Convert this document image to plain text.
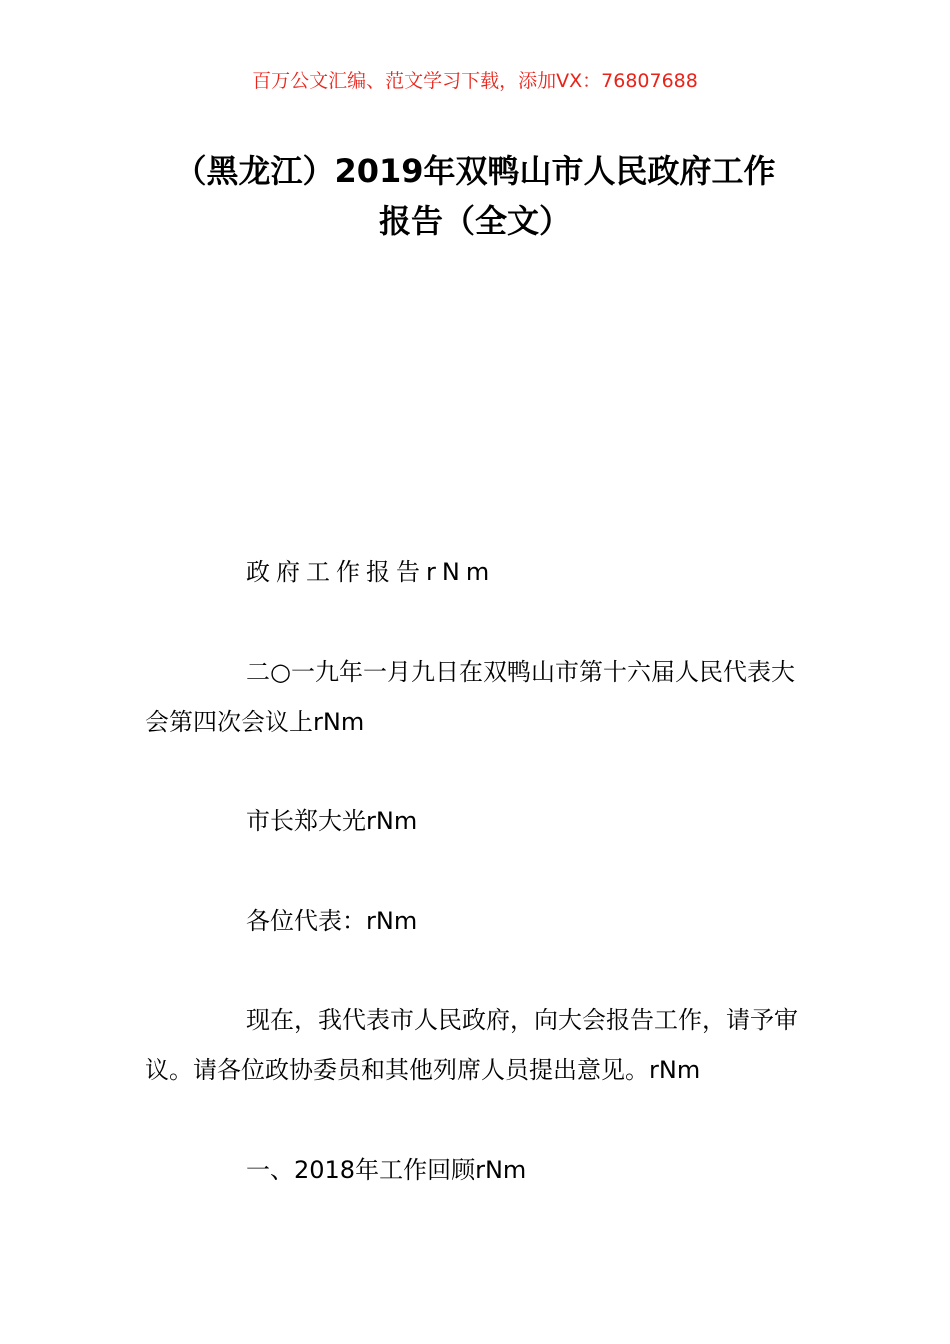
百万公文汇编、范文学习下载，添加VX：76807688
（黑龙江）2019年双鸭山市人民政府工作
报告（全文）
政府工作报告rNm
二○一九年一月九日在双鸭山市第十六届人民代表大会第四次会议上rNm
市长郑大光rNm
各位代表：rNm
现在，我代表市人民政府，向大会报告工作，请予审议。请各位政协委员和其他列席人员提出意见。rNm
一、2018年工作回顾rNm
